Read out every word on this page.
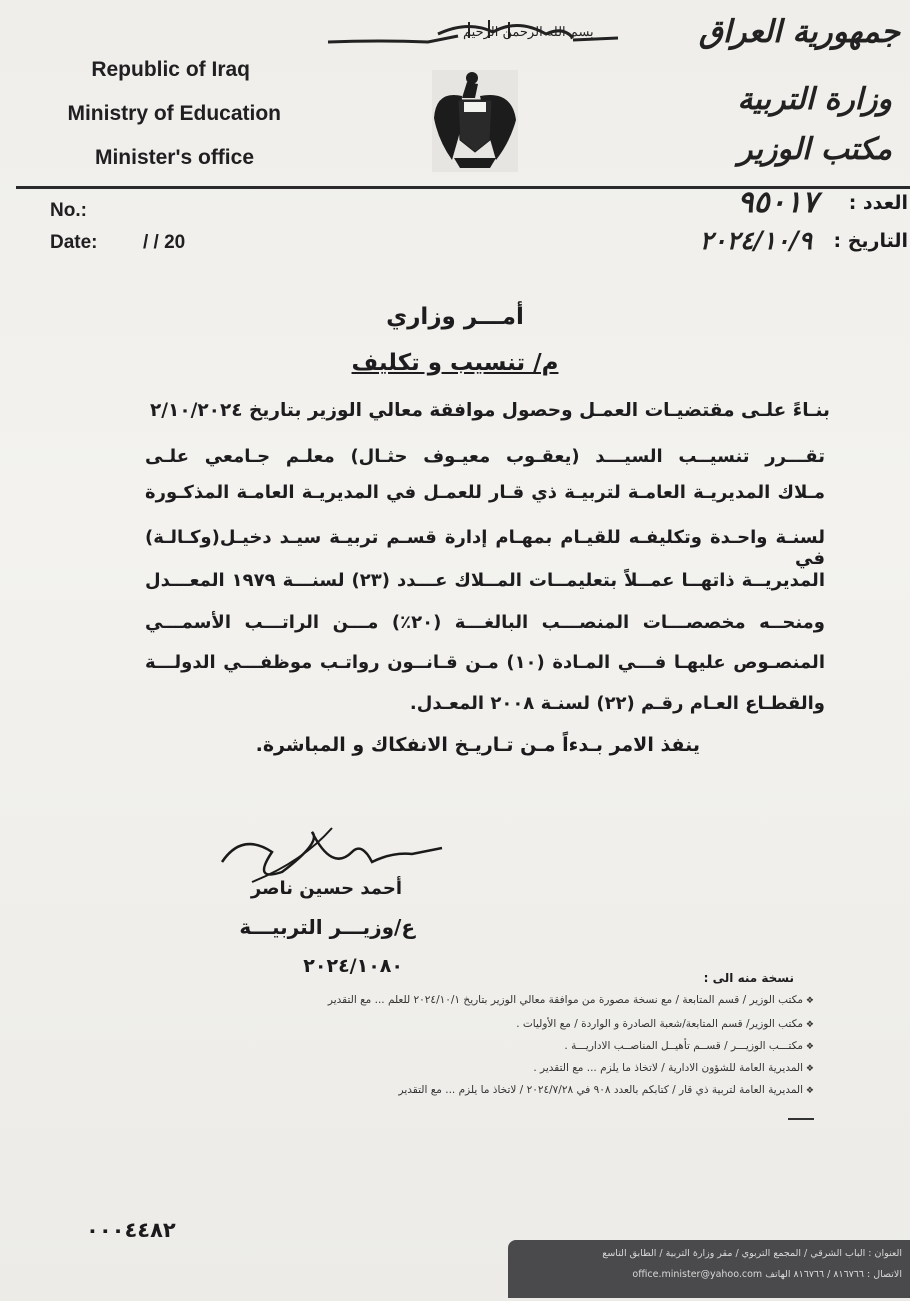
بسم الله الرحمن الرحيم
Republic of Iraq
Ministry of Education
Minister's office
جمهورية العراق
وزارة التربية
مكتب الوزير
No.:
Date: / / 20
العدد :
٩٥٠١٧
التاريخ :
٢٠٢٤/١٠/٩
أمـــر وزاري
م/ تنسيب و تكليف
بنـاءً علـى مقتضيـات العمـل وحصول موافقة معالي الوزير بتاريخ ٢/١٠/٢٠٢٤
تقـــرر تنسيــب السيـــد (يعقـوب معيـوف حثـال) معلـم جـامعي علـى
مـلاك المديريـة العامـة لتربيـة ذي قـار للعمـل في المديريـة العامـة المذكـورة
لسنـة واحـدة وتكليفـه للقيـام بمهـام إدارة قسـم تربيـة سيـد دخيـل(وكـالـة) في
المديريــة ذاتهــا عمــلاً بتعليمــات المــلاك عـــدد (٢٣) لسنـــة ١٩٧٩ المعـــدل
ومنحــه مخصصـــات المنصـــب البالغـــة (٢٠٪) مـــن الراتـــب الأسمـــي
المنصـوص عليهـا فـــي المـادة (١٠) مـن قـانــون رواتـب موظفـــي الدولـــة
والقطـاع العـام رقـم (٢٢) لسنـة ٢٠٠٨ المعـدل.
ينفذ الامر بـدءاً مـن تـاريـخ الانفكاك و المباشرة.
أحمد حسين ناصر
ع/وزيـــر التربيـــة
٢٠٢٤/١٠٨٠
نسخة منه الى :
❖ مكتب الوزير / قسم المتابعة / مع نسخة مصورة من موافقة معالي الوزير بتاريخ ٢٠٢٤/١٠/١ للعلم ... مع التقدير
❖ مكتب الوزير/ قسم المتابعة/شعبة الصادرة و الواردة / مع الأوليات .
❖ مكتـــب الوزيـــر / قســم تأهيــل المناصــب الاداريـــة .
❖ المديرية العامة للشؤون الادارية / لاتخاذ ما يلزم ... مع التقدير .
❖ المديرية العامة لتربية ذي قار / كتابكم بالعدد ٩٠٨ في ٢٠٢٤/٧/٢٨ / لاتخاذ ما يلزم ... مع التقدير
٠٠٠٤٤٨٢
العنوان : الباب الشرقي / المجمع التربوي / مقر وزارة التربية / الطابق التاسع
الاتصال : ٨١٦٧٦٦ / ٨١٦٧٦٦ الهاتف office.minister@yahoo.com
